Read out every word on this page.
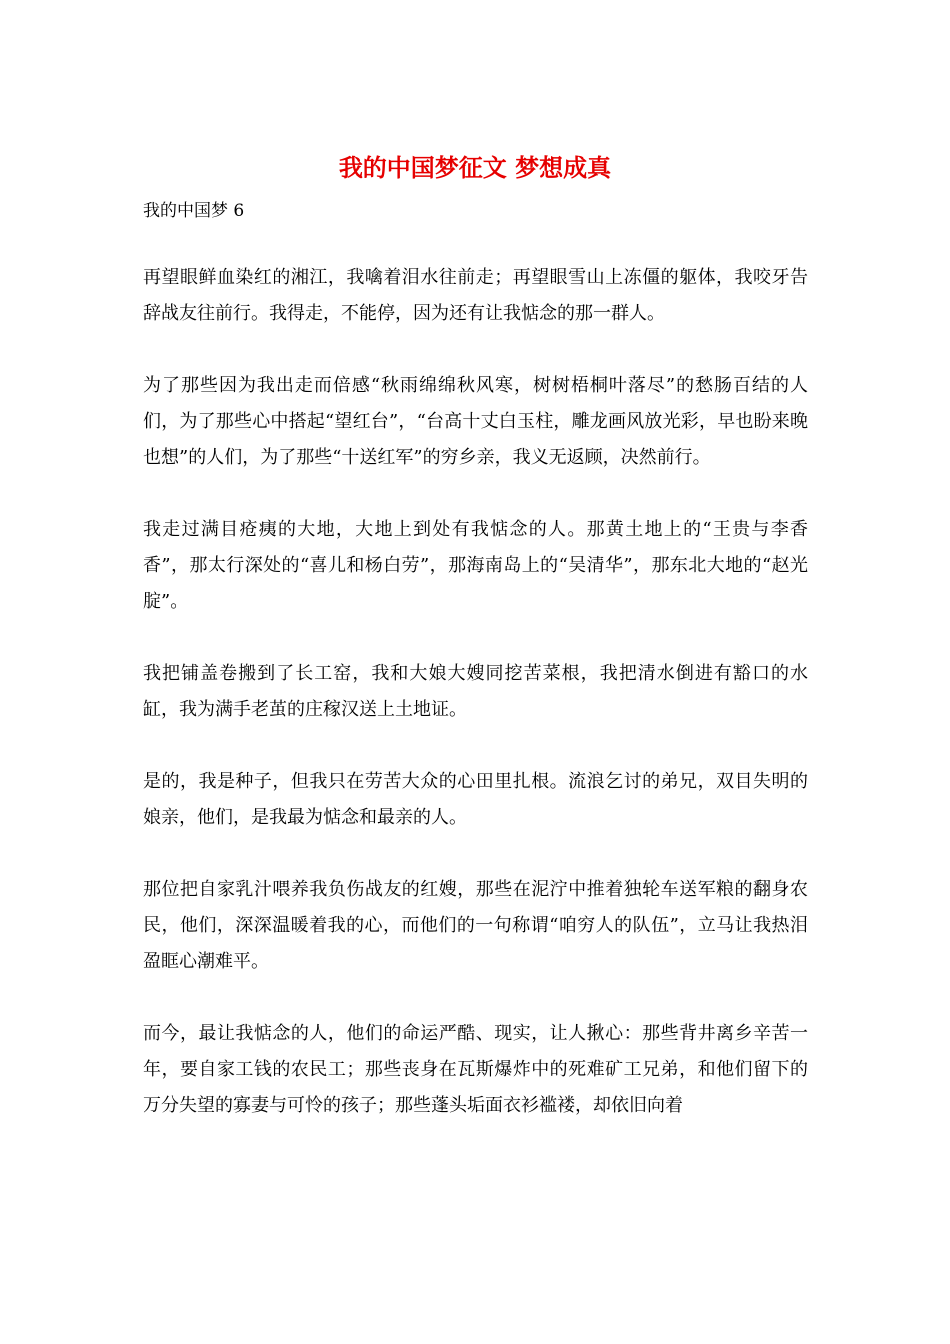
我的中国梦征文 梦想成真

我的中国梦 6

再望眼鲜血染红的湘江，我噙着泪水往前走；再望眼雪山上冻僵的躯体，我咬牙告辞战友往前行。我得走，不能停，因为还有让我惦念的那一群人。

为了那些因为我出走而倍感“秋雨绵绵秋风寒，树树梧桐叶落尽”的愁肠百结的人们，为了那些心中搭起“望红台”，“台高十丈白玉柱，雕龙画风放光彩，早也盼来晚也想”的人们，为了那些“十送红军”的穷乡亲，我义无返顾，决然前行。

我走过满目疮痍的大地，大地上到处有我惦念的人。那黄土地上的“王贵与李香香”，那太行深处的“喜儿和杨白劳”，那海南岛上的“吴清华”，那东北大地的“赵光腚”。

我把铺盖卷搬到了长工窑，我和大娘大嫂同挖苦菜根，我把清水倒进有豁口的水缸，我为满手老茧的庄稼汉送上土地证。

是的，我是种子，但我只在劳苦大众的心田里扎根。流浪乞讨的弟兄，双目失明的娘亲，他们，是我最为惦念和最亲的人。

那位把自家乳汁喂养我负伤战友的红嫂，那些在泥泞中推着独轮车送军粮的翻身农民，他们，深深温暖着我的心，而他们的一句称谓“咱穷人的队伍”，立马让我热泪盈眶心潮难平。

而今，最让我惦念的人，他们的命运严酷、现实，让人揪心：那些背井离乡辛苦一年，要自家工钱的农民工；那些丧身在瓦斯爆炸中的死难矿工兄弟，和他们留下的万分失望的寡妻与可怜的孩子；那些蓬头垢面衣衫褴褛，却依旧向着
